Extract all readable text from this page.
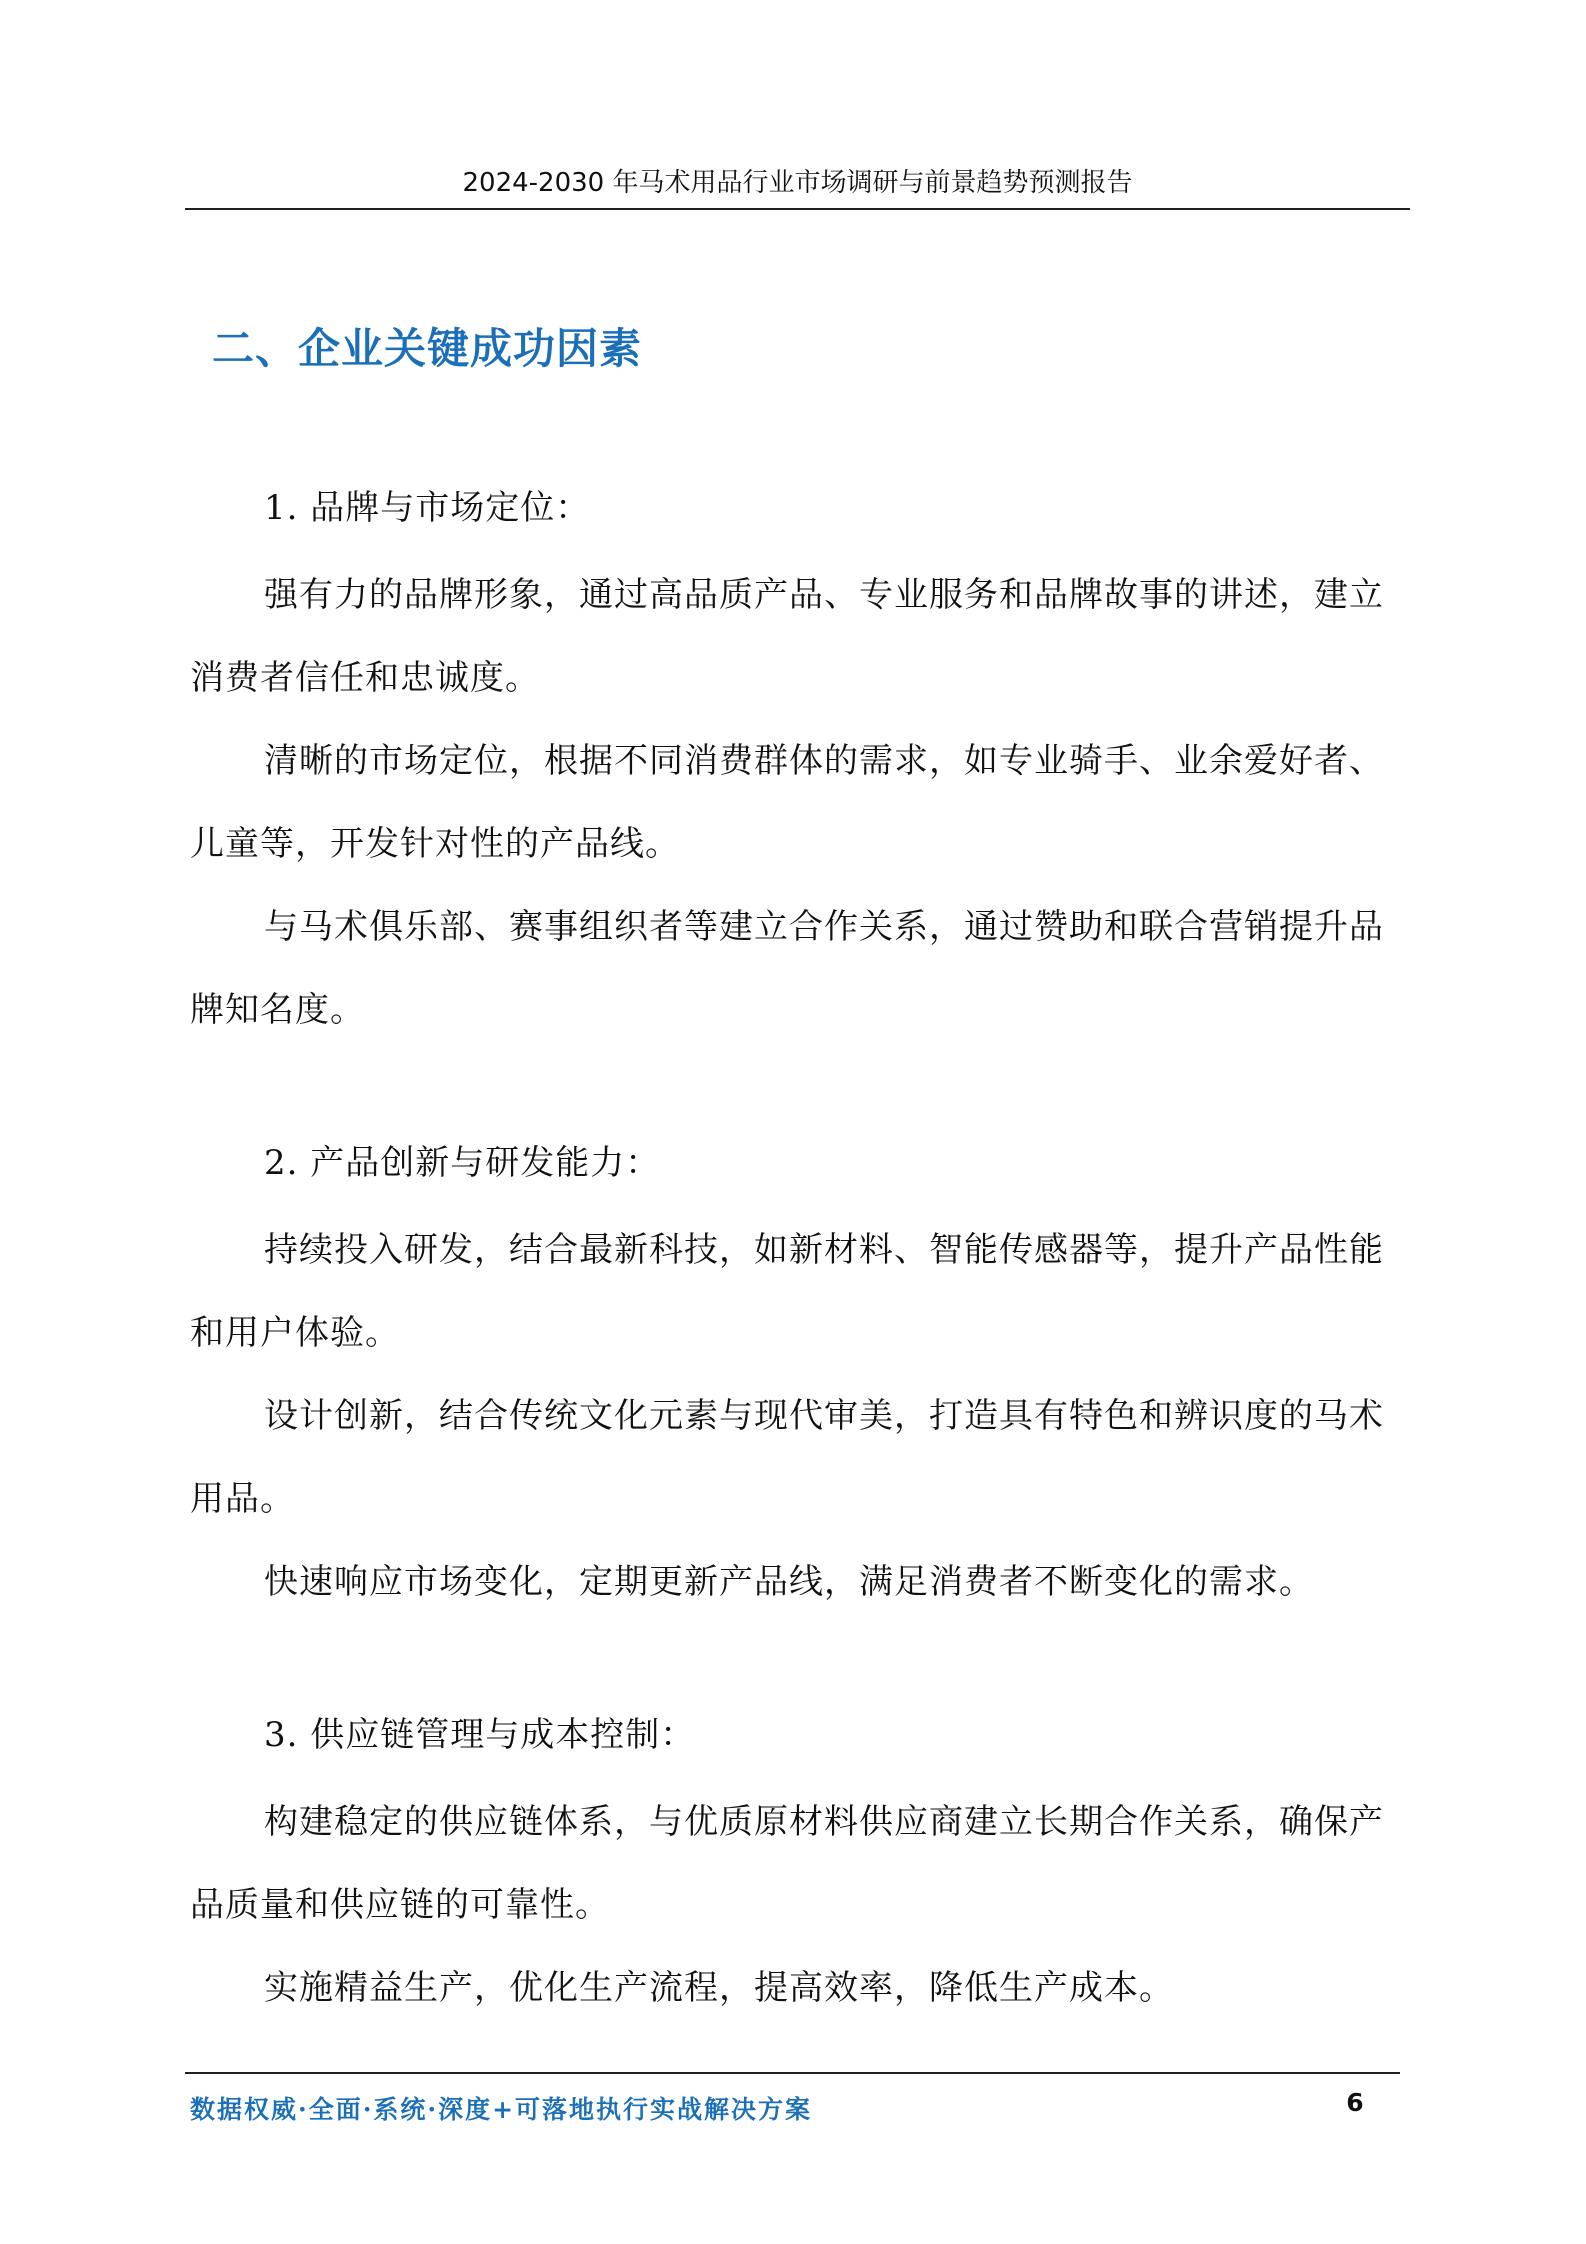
2024-2030 年马术用品行业市场调研与前景趋势预测报告
二、企业关键成功因素

1. 品牌与市场定位：

强有力的品牌形象，通过高品质产品、专业服务和品牌故事的讲述，建立消费者信任和忠诚度。

清晰的市场定位，根据不同消费群体的需求，如专业骑手、业余爱好者、儿童等，开发针对性的产品线。

与马术俱乐部、赛事组织者等建立合作关系，通过赞助和联合营销提升品牌知名度。

2. 产品创新与研发能力：

持续投入研发，结合最新科技，如新材料、智能传感器等，提升产品性能和用户体验。

设计创新，结合传统文化元素与现代审美，打造具有特色和辨识度的马术用品。

快速响应市场变化，定期更新产品线，满足消费者不断变化的需求。

3. 供应链管理与成本控制：

构建稳定的供应链体系，与优质原材料供应商建立长期合作关系，确保产品质量和供应链的可靠性。

实施精益生产，优化生产流程，提高效率，降低生产成本。

数据权威·全面·系统·深度+可落地执行实战解决方案	6
